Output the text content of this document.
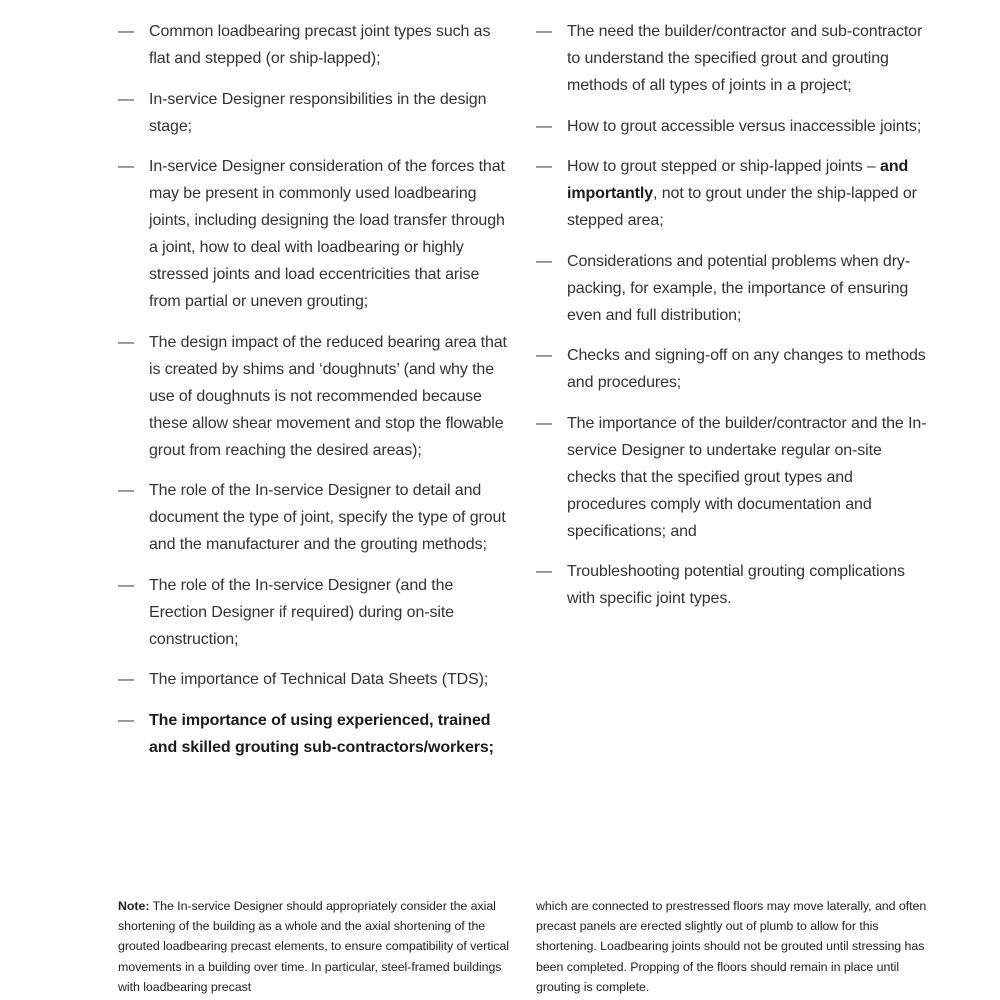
— Common loadbearing precast joint types such as flat and stepped (or ship-lapped);
— In-service Designer responsibilities in the design stage;
— In-service Designer consideration of the forces that may be present in commonly used loadbearing joints, including designing the load transfer through a joint, how to deal with loadbearing or highly stressed joints and load eccentricities that arise from partial or uneven grouting;
— The design impact of the reduced bearing area that is created by shims and ‘doughnuts’ (and why the use of doughnuts is not recommended because these allow shear movement and stop the flowable grout from reaching the desired areas);
— The role of the In-service Designer to detail and document the type of joint, specify the type of grout and the manufacturer and the grouting methods;
— The role of the In-service Designer (and the Erection Designer if required) during on-site construction;
— The importance of Technical Data Sheets (TDS);
— The importance of using experienced, trained and skilled grouting sub-contractors/workers;
— The need the builder/contractor and sub-contractor to understand the specified grout and grouting methods of all types of joints in a project;
— How to grout accessible versus inaccessible joints;
— How to grout stepped or ship-lapped joints – and importantly, not to grout under the ship-lapped or stepped area;
— Considerations and potential problems when dry-packing, for example, the importance of ensuring even and full distribution;
— Checks and signing-off on any changes to methods and procedures;
— The importance of the builder/contractor and the In-service Designer to undertake regular on-site checks that the specified grout types and procedures comply with documentation and specifications; and
— Troubleshooting potential grouting complications with specific joint types.
Note: The In-service Designer should appropriately consider the axial shortening of the building as a whole and the axial shortening of the grouted loadbearing precast elements, to ensure compatibility of vertical movements in a building over time. In particular, steel-framed buildings with loadbearing precast
which are connected to prestressed floors may move laterally, and often precast panels are erected slightly out of plumb to allow for this shortening. Loadbearing joints should not be grouted until stressing has been completed. Propping of the floors should remain in place until grouting is complete.
